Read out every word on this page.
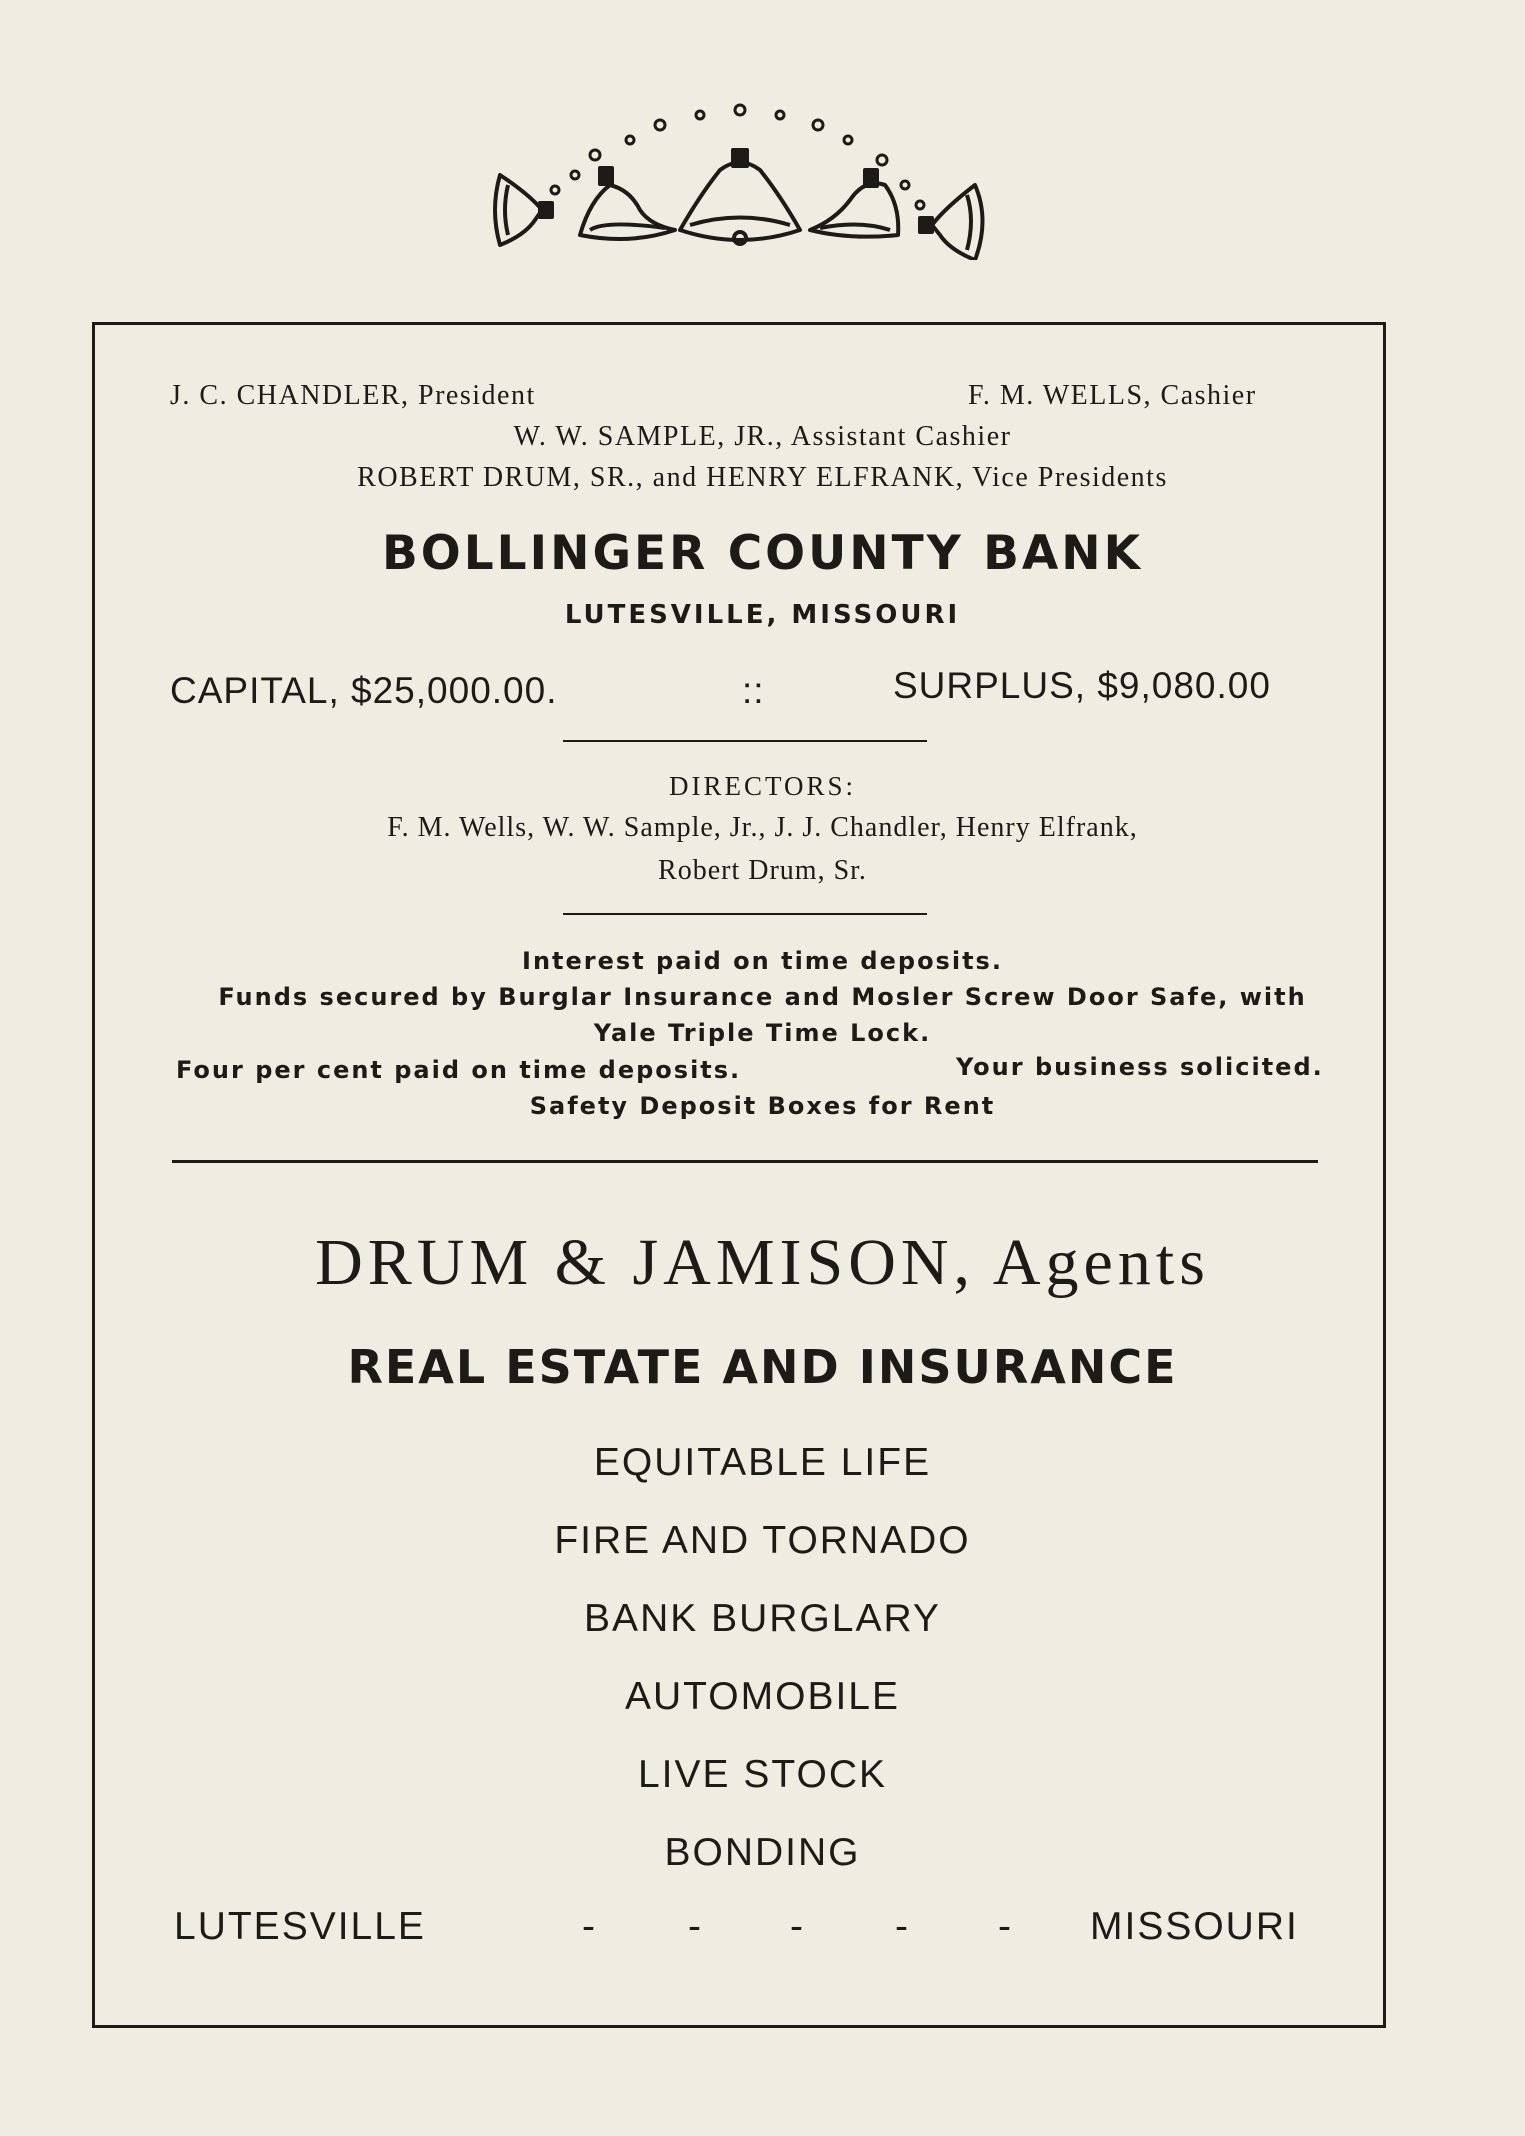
J. C. CHANDLER, President	F. M. WELLS, Cashier
W. W. SAMPLE, JR., Assistant Cashier
ROBERT DRUM, SR., and HENRY ELFRANK, Vice Presidents
BOLLINGER COUNTY BANK
LUTESVILLE, MISSOURI
CAPITAL, $25,000.00.	::	SURPLUS, $9,080.00
DIRECTORS:
F. M. Wells, W. W. Sample, Jr., J. J. Chandler, Henry Elfrank,
Robert Drum, Sr.
Interest paid on time deposits.
Funds secured by Burglar Insurance and Mosler Screw Door Safe, with
Yale Triple Time Lock.
Four per cent paid on time deposits.	Your business solicited.
Safety Deposit Boxes for Rent
DRUM & JAMISON, Agents
REAL ESTATE AND INSURANCE
EQUITABLE LIFE
FIRE AND TORNADO
BANK BURGLARY
AUTOMOBILE
LIVE STOCK
BONDING
LUTESVILLE	- - - - - MISSOURI
